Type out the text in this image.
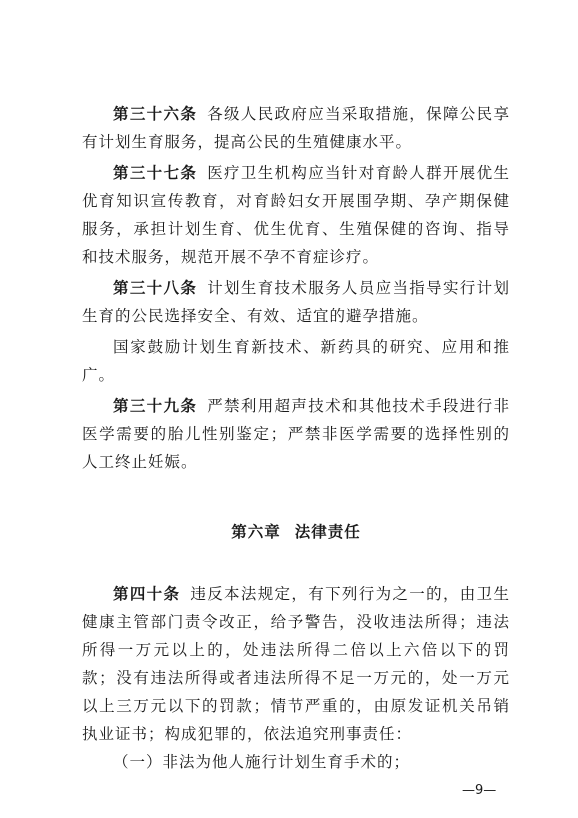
第三十六条 各级人民政府应当采取措施，保障公民享有计划生育服务，提高公民的生殖健康水平。

第三十七条 医疗卫生机构应当针对育龄人群开展优生优育知识宣传教育，对育龄妇女开展围孕期、孕产期保健服务，承担计划生育、优生优育、生殖保健的咨询、指导和技术服务，规范开展不孕不育症诊疗。

第三十八条 计划生育技术服务人员应当指导实行计划生育的公民选择安全、有效、适宜的避孕措施。

国家鼓励计划生育新技术、新药具的研究、应用和推广。

第三十九条 严禁利用超声技术和其他技术手段进行非医学需要的胎儿性别鉴定；严禁非医学需要的选择性别的人工终止妊娠。

第六章 法律责任

第四十条 违反本法规定，有下列行为之一的，由卫生健康主管部门责令改正，给予警告，没收违法所得；违法所得一万元以上的，处违法所得二倍以上六倍以下的罚款；没有违法所得或者违法所得不足一万元的，处一万元以上三万元以下的罚款；情节严重的，由原发证机关吊销执业证书；构成犯罪的，依法追究刑事责任：

（一）非法为他人施行计划生育手术的；

—9—
